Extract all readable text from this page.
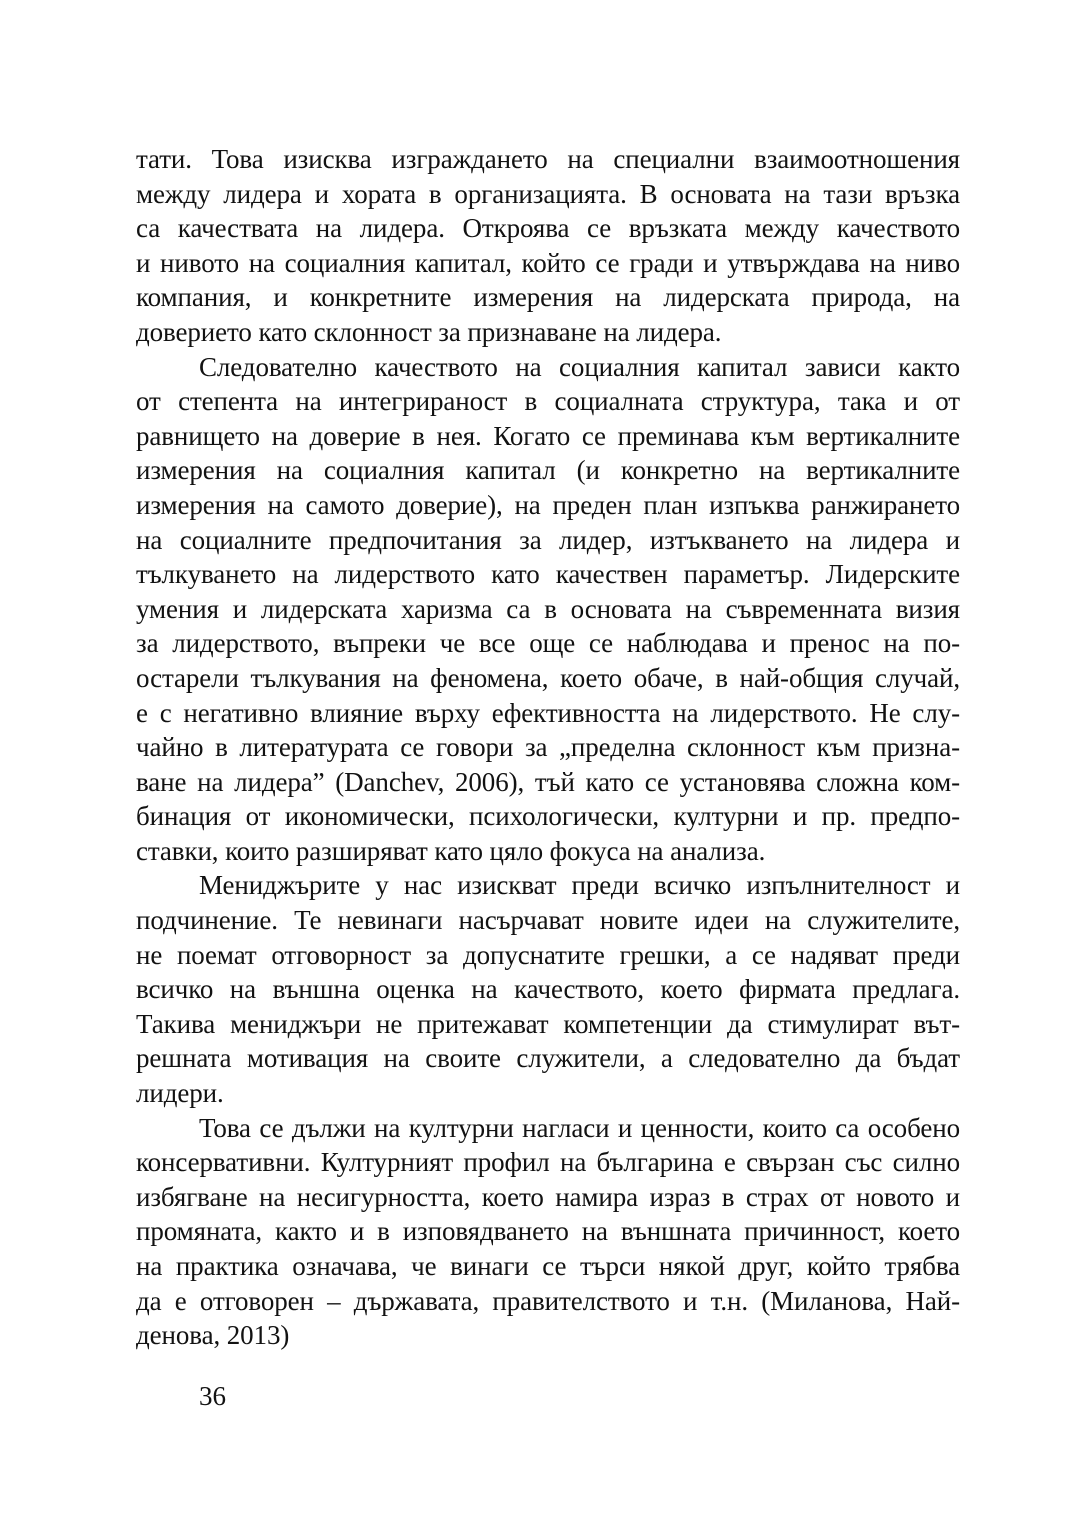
тати. Това изисква изграждането на специални взаимоотношения
между лидера и хората в организацията. В основата на тази връзка
са качествата на лидера. Откроява се връзката между качеството
и нивото на социалния капитал, който се гради и утвърждава на ниво
компания, и конкретните измерения на лидерската природа, на
доверието като склонност за признаване на лидера.
Следователно качеството на социалния капитал зависи както
от степента на интегрираност в социалната структура, така и от
равнището на доверие в нея. Когато се преминава към вертикалните
измерения на социалния капитал (и конкретно на вертикалните
измерения на самото доверие), на преден план изпъква ранжирането
на социалните предпочитания за лидер, изтъкването на лидера и
тълкуването на лидерството като качествен параметър. Лидерските
умения и лидерската харизма са в основата на съвременната визия
за лидерството, въпреки че все още се наблюдава и пренос на по-
остарели тълкувания на феномена, което обаче, в най-общия случай,
е с негативно влияние върху ефективността на лидерството. Не слу-
чайно в литературата се говори за „пределна склонност към призна-
ване на лидера” (Danchev, 2006), тъй като се установява сложна ком-
бинация от икономически, психологически, културни и пр. предпо-
ставки, които разширяват като цяло фокуса на анализа.
Мениджърите у нас изискват преди всичко изпълнителност и
подчинение. Те невинаги насърчават новите идеи на служителите,
не поемат отговорност за допуснатите грешки, а се надяват преди
всичко на външна оценка на качеството, което фирмата предлага.
Такива мениджъри не притежават компетенции да стимулират вът-
решната мотивация на своите служители, а следователно да бъдат
лидери.
Това се дължи на културни нагласи и ценности, които са особено
консервативни. Културният профил на българина е свързан със силно
избягване на несигурността, което намира израз в страх от новото и
промяната, както и в изповядването на външната причинност, което
на практика означава, че винаги се търси някой друг, който трябва
да е отговорен – държавата, правителството и т.н. (Миланова, Най-
денова, 2013)
36
